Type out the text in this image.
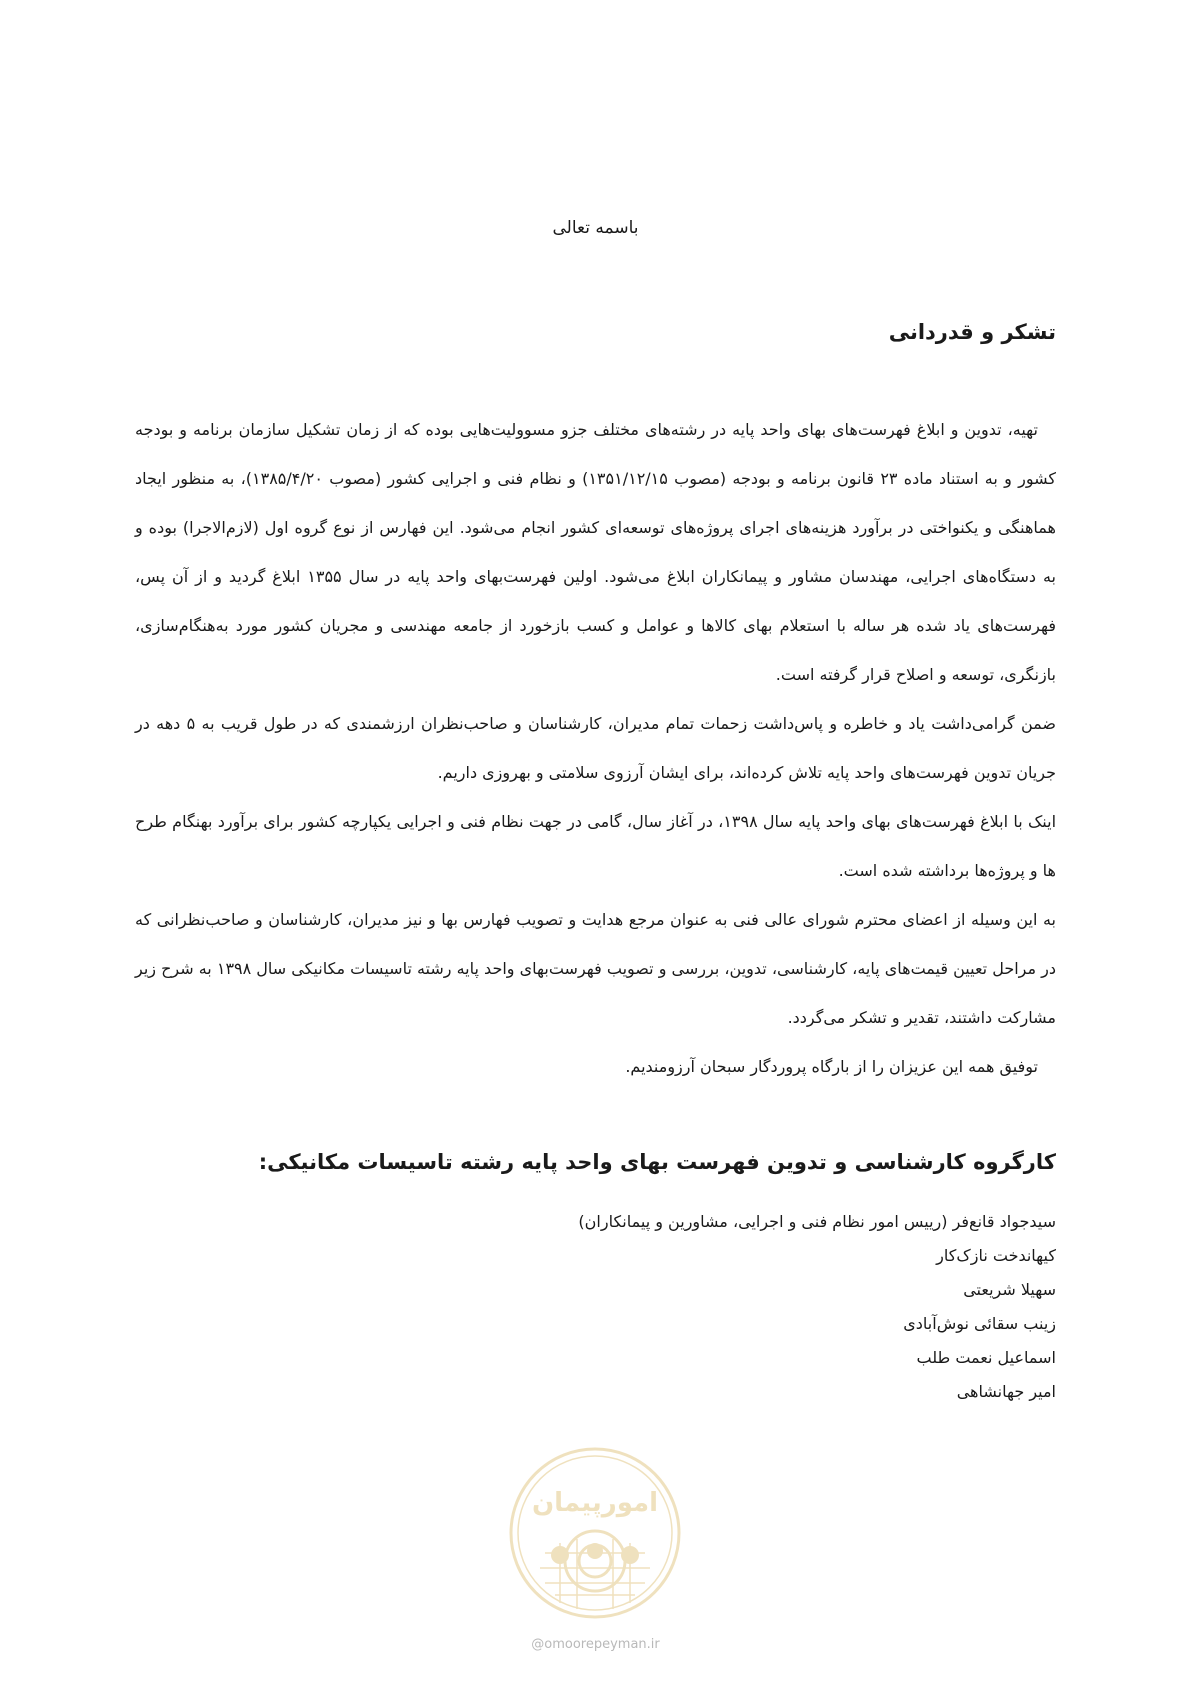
باسمه تعالی
تشکر و قدردانی

تهیه، تدوین و ابلاغ فهرست‌های بهای واحد پایه در رشته‌های مختلف جزو مسوولیت‌هایی بوده که از زمان تشکیل سازمان برنامه و بودجه کشور و به استناد ماده ۲۳ قانون برنامه و بودجه (مصوب ۱۳۵۱/۱۲/۱۵) و نظام فنی و اجرایی کشور (مصوب ۱۳۸۵/۴/۲۰)، به منظور ایجاد هماهنگی و یکنواختی در برآورد هزینه‌های اجرای پروژه‌های توسعه‌ای کشور انجام می‌شود. این فهارس از نوع گروه اول (لازم‌الاجرا) بوده و به دستگاه‌های اجرایی، مهندسان مشاور و پیمانکاران ابلاغ می‌شود. اولین فهرست‌بهای واحد پایه در سال ۱۳۵۵ ابلاغ گردید و از آن پس، فهرست‌های یاد شده هر ساله با استعلام بهای کالاها و عوامل و کسب بازخورد از جامعه مهندسی و مجریان کشور مورد به‌هنگام‌سازی، بازنگری، توسعه و اصلاح قرار گرفته است.

ضمن گرامی‌داشت یاد و خاطره و پاس‌داشت زحمات تمام مدیران، کارشناسان و صاحب‌نظران ارزشمندی که در طول قریب به ۵ دهه در جریان تدوین فهرست‌های واحد پایه تلاش کرده‌اند، برای ایشان آرزوی سلامتی و بهروزی داریم.

اینک با ابلاغ فهرست‌های بهای واحد پایه سال ۱۳۹۸، در آغاز سال، گامی در جهت نظام فنی و اجرایی یکپارچه کشور برای برآورد بهنگام طرح ها و پروژه‌ها برداشته شده است.

به این وسیله از اعضای محترم شورای عالی فنی به عنوان مرجع هدایت و تصویب فهارس بها و نیز مدیران، کارشناسان و صاحب‌نظرانی که در مراحل تعیین قیمت‌های پایه، کارشناسی، تدوین، بررسی و تصویب فهرست‌بهای واحد پایه رشته تاسیسات مکانیکی سال ۱۳۹۸ به شرح زیر مشارکت داشتند، تقدیر و تشکر می‌گردد.

توفیق همه این عزیزان را از بارگاه پروردگار سبحان آرزومندیم.

کارگروه کارشناسی و تدوین فهرست بهای واحد پایه رشته تاسیسات مکانیکی:
سیدجواد قانع‌فر (رییس امور نظام فنی و اجرایی، مشاورین و پیمانکاران)
کیهاندخت نازک‌کار
سهیلا شریعتی
زینب سقائی نوش‌آبادی
اسماعیل نعمت طلب
امیر جهانشاهی
امورپیمان
@omoorepeyman.ir
